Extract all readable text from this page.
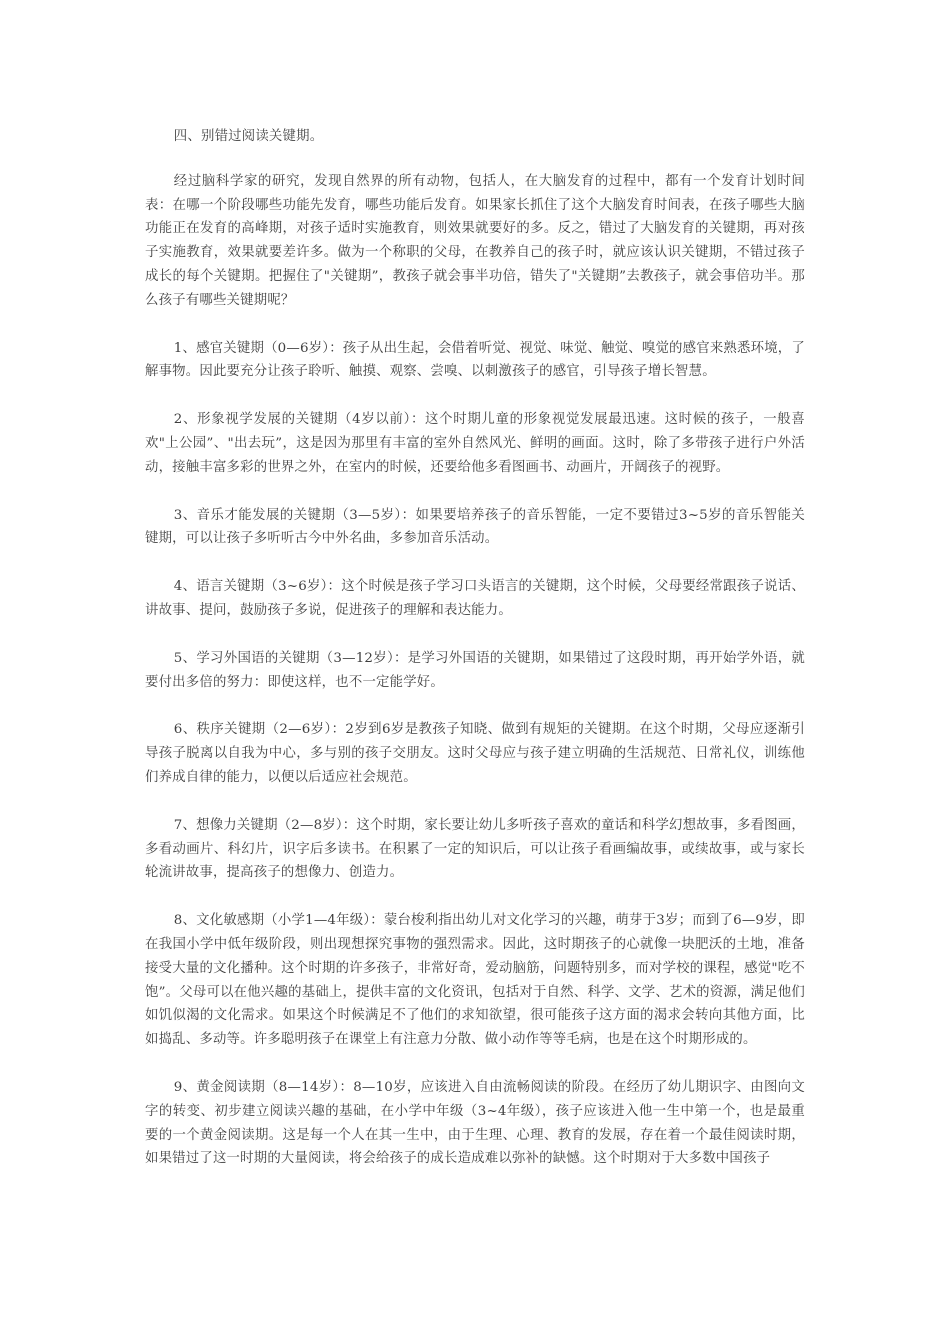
四、别错过阅读关键期。

经过脑科学家的研究，发现自然界的所有动物，包括人，在大脑发育的过程中，都有一个发育计划时间表：在哪一个阶段哪些功能先发育，哪些功能后发育。如果家长抓住了这个大脑发育时间表，在孩子哪些大脑功能正在发育的高峰期，对孩子适时实施教育，则效果就要好的多。反之，错过了大脑发育的关键期，再对孩子实施教育，效果就要差许多。做为一个称职的父母，在教养自己的孩子时，就应该认识关键期，不错过孩子成长的每个关键期。把握住了"关键期”，教孩子就会事半功倍，错失了"关键期”去教孩子，就会事倍功半。那么孩子有哪些关键期呢？

1、感官关键期（0—6岁）：孩子从出生起，会借着听觉、视觉、味觉、触觉、嗅觉的感官来熟悉环境，了解事物。因此要充分让孩子聆听、触摸、观察、尝嗅、以刺激孩子的感官，引导孩子增长智慧。

2、形象视学发展的关键期（4岁以前）：这个时期儿童的形象视觉发展最迅速。这时候的孩子，一般喜欢"上公园”、"出去玩”，这是因为那里有丰富的室外自然风光、鲜明的画面。这时，除了多带孩子进行户外活动，接触丰富多彩的世界之外，在室内的时候，还要给他多看图画书、动画片，开阔孩子的视野。

3、音乐才能发展的关键期（3—5岁）：如果要培养孩子的音乐智能，一定不要错过3~5岁的音乐智能关键期，可以让孩子多听听古今中外名曲，多参加音乐活动。

4、语言关键期（3~6岁）：这个时候是孩子学习口头语言的关键期，这个时候，父母要经常跟孩子说话、讲故事、提问，鼓励孩子多说，促进孩子的理解和表达能力。

5、学习外国语的关键期（3—12岁）：是学习外国语的关键期，如果错过了这段时期，再开始学外语，就要付出多倍的努力：即使这样，也不一定能学好。

6、秩序关键期（2—6岁）：2岁到6岁是教孩子知晓、做到有规矩的关键期。在这个时期，父母应逐渐引导孩子脱离以自我为中心，多与别的孩子交朋友。这时父母应与孩子建立明确的生活规范、日常礼仪，训练他们养成自律的能力，以便以后适应社会规范。

7、想像力关键期（2—8岁）：这个时期，家长要让幼儿多听孩子喜欢的童话和科学幻想故事，多看图画，多看动画片、科幻片，识字后多读书。在积累了一定的知识后，可以让孩子看画编故事，或续故事，或与家长轮流讲故事，提高孩子的想像力、创造力。

8、文化敏感期（小学1—4年级）：蒙台梭利指出幼儿对文化学习的兴趣，萌芽于3岁；而到了6—9岁，即在我国小学中低年级阶段，则出现想探究事物的强烈需求。因此，这时期孩子的心就像一块肥沃的土地，准备接受大量的文化播种。这个时期的许多孩子，非常好奇，爱动脑筋，问题特别多，而对学校的课程，感觉"吃不饱”。父母可以在他兴趣的基础上，提供丰富的文化资讯，包括对于自然、科学、文学、艺术的资源，满足他们如饥似渴的文化需求。如果这个时候满足不了他们的求知欲望，很可能孩子这方面的渴求会转向其他方面，比如捣乱、多动等。许多聪明孩子在课堂上有注意力分散、做小动作等等毛病，也是在这个时期形成的。

9、黄金阅读期（8—14岁）：8—10岁，应该进入自由流畅阅读的阶段。在经历了幼儿期识字、由图向文字的转变、初步建立阅读兴趣的基础，在小学中年级（3~4年级），孩子应该进入他一生中第一个，也是最重要的一个黄金阅读期。这是每一个人在其一生中，由于生理、心理、教育的发展，存在着一个最佳阅读时期，如果错过了这一时期的大量阅读，将会给孩子的成长造成难以弥补的缺憾。这个时期对于大多数中国孩子
